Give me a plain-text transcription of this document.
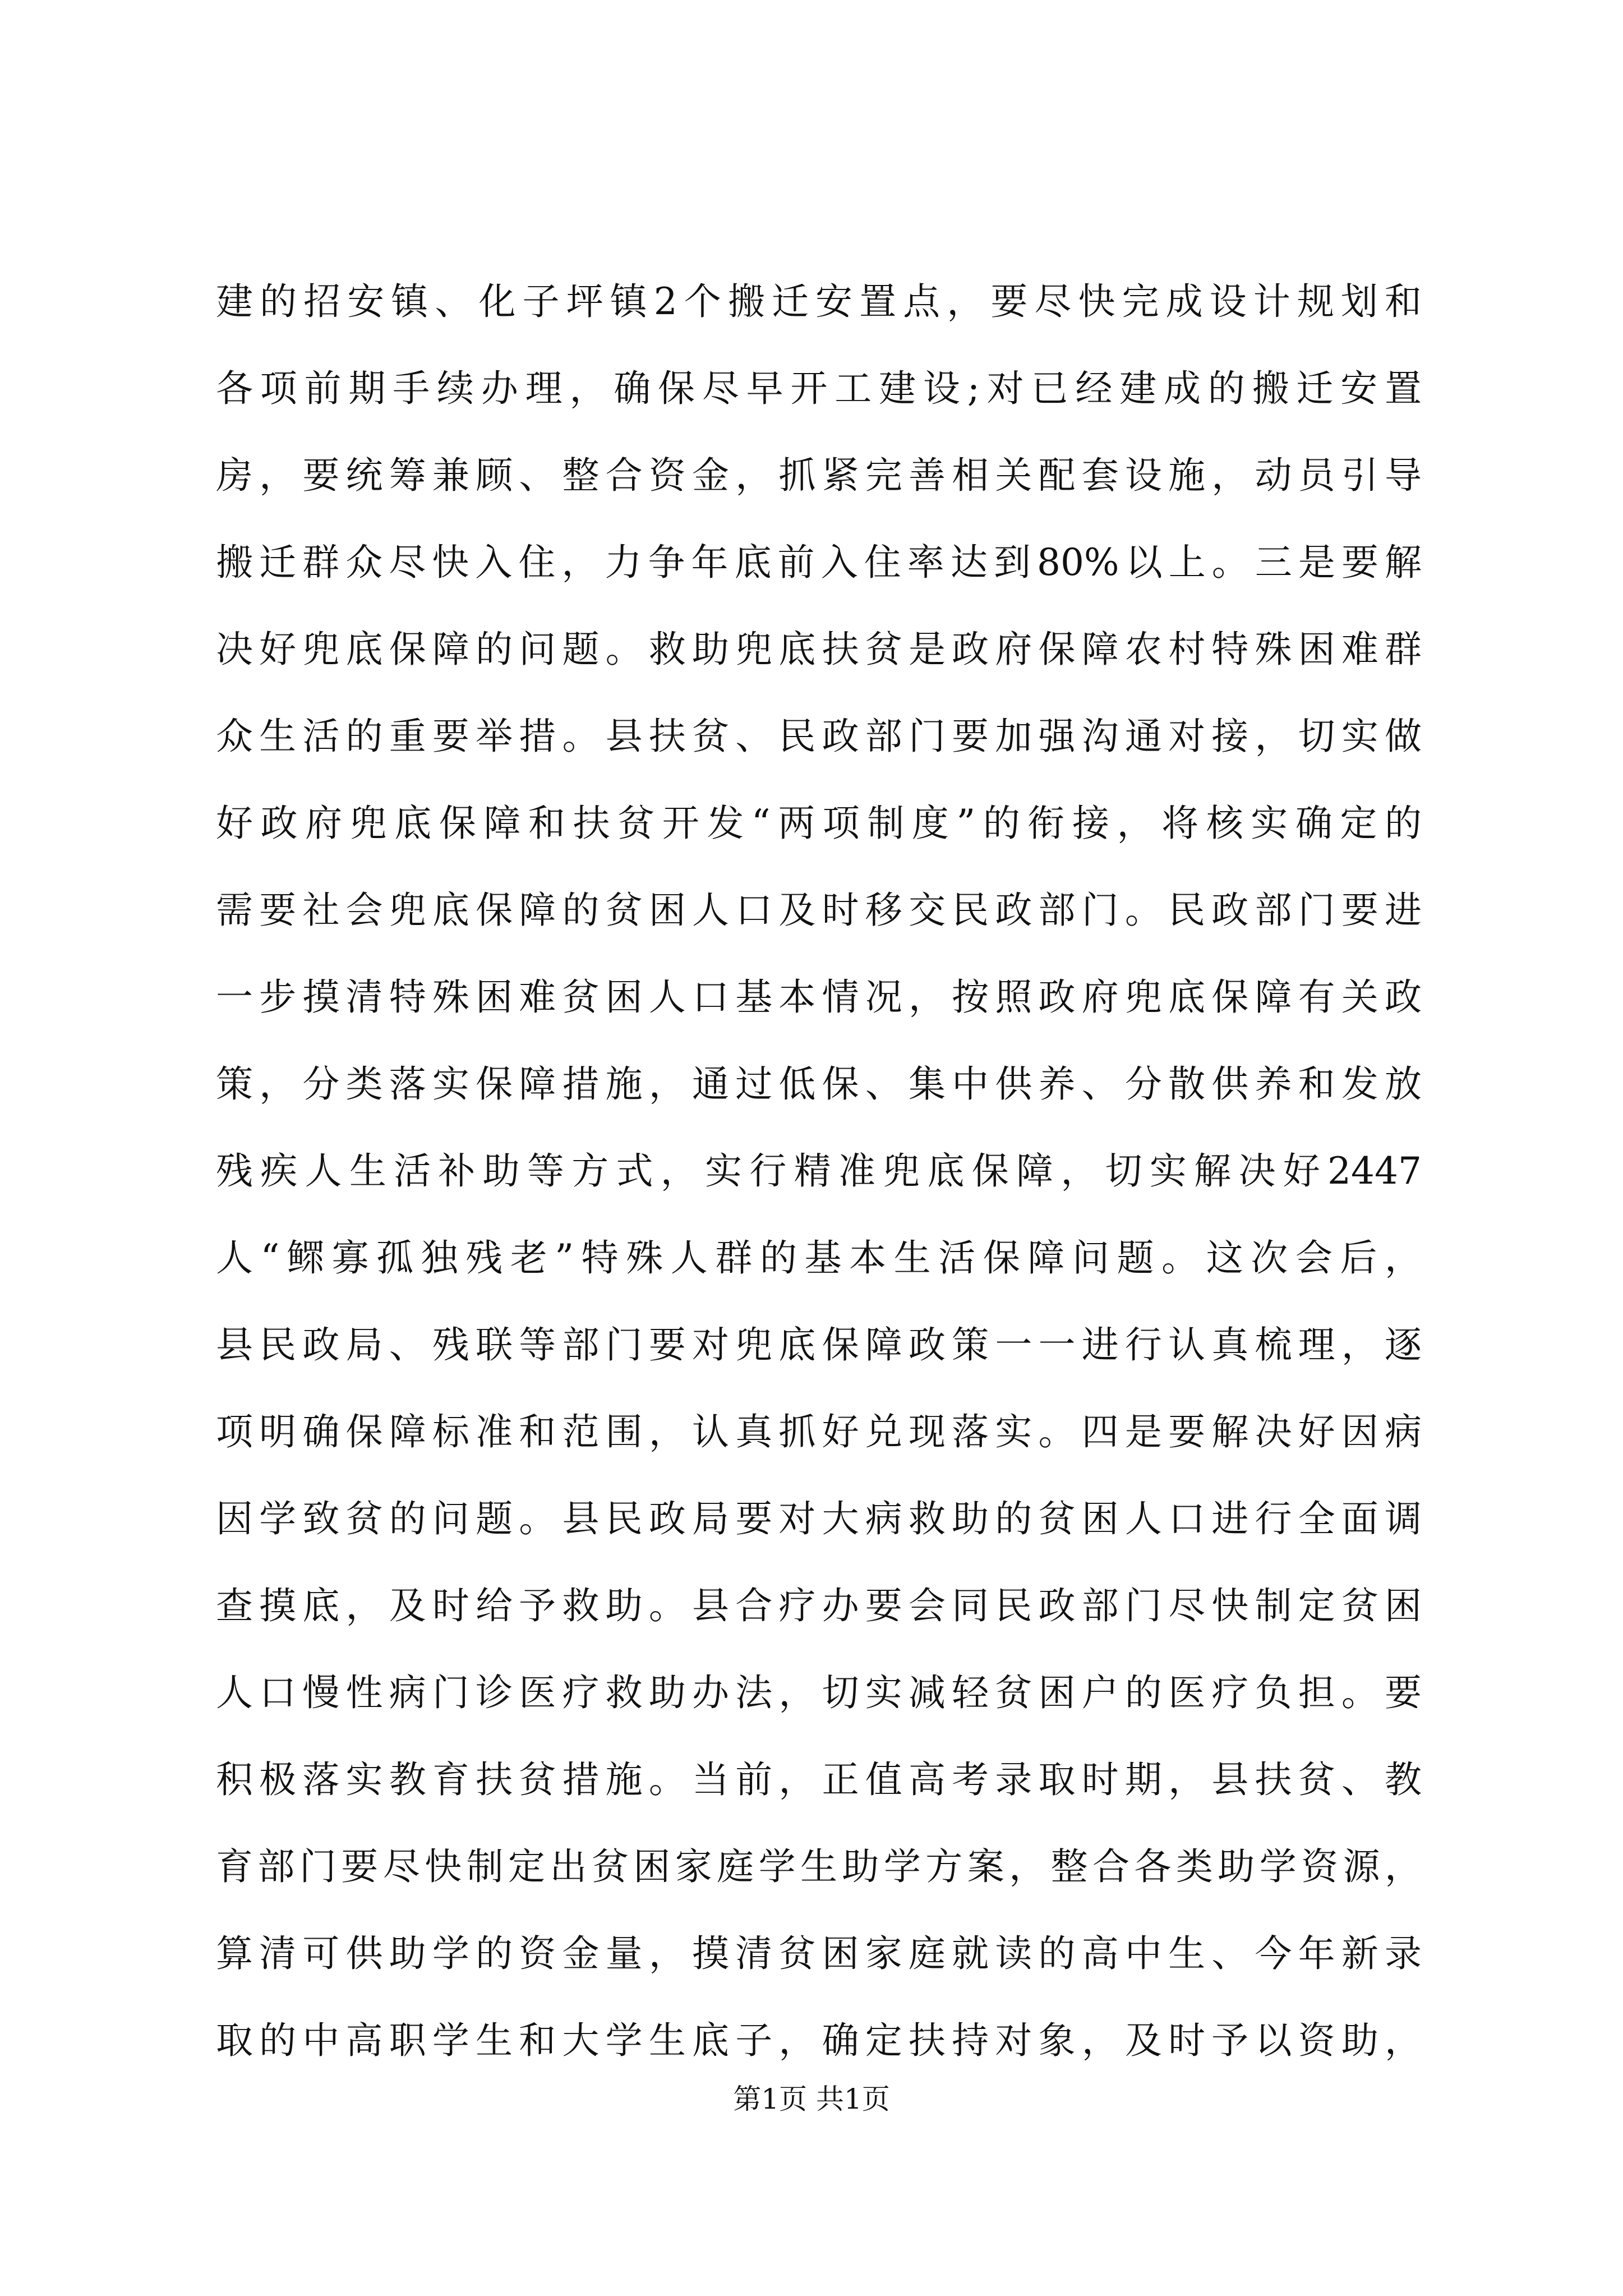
建的招安镇、化子坪镇2个搬迁安置点，要尽快完成设计规划和
各项前期手续办理，确保尽早开工建设;对已经建成的搬迁安置
房，要统筹兼顾、整合资金，抓紧完善相关配套设施，动员引导
搬迁群众尽快入住，力争年底前入住率达到80%以上。三是要解
决好兜底保障的问题。救助兜底扶贫是政府保障农村特殊困难群
众生活的重要举措。县扶贫、民政部门要加强沟通对接，切实做
好政府兜底保障和扶贫开发“两项制度”的衔接，将核实确定的
需要社会兜底保障的贫困人口及时移交民政部门。民政部门要进
一步摸清特殊困难贫困人口基本情况，按照政府兜底保障有关政
策，分类落实保障措施，通过低保、集中供养、分散供养和发放
残疾人生活补助等方式，实行精准兜底保障，切实解决好2447
人“鳏寡孤独残老”特殊人群的基本生活保障问题。这次会后，
县民政局、残联等部门要对兜底保障政策一一进行认真梳理，逐
项明确保障标准和范围，认真抓好兑现落实。四是要解决好因病
因学致贫的问题。县民政局要对大病救助的贫困人口进行全面调
查摸底，及时给予救助。县合疗办要会同民政部门尽快制定贫困
人口慢性病门诊医疗救助办法，切实减轻贫困户的医疗负担。要
积极落实教育扶贫措施。当前，正值高考录取时期，县扶贫、教
育部门要尽快制定出贫困家庭学生助学方案，整合各类助学资源，
算清可供助学的资金量，摸清贫困家庭就读的高中生、今年新录
取的中高职学生和大学生底子，确定扶持对象，及时予以资助，
第1页 共1页
